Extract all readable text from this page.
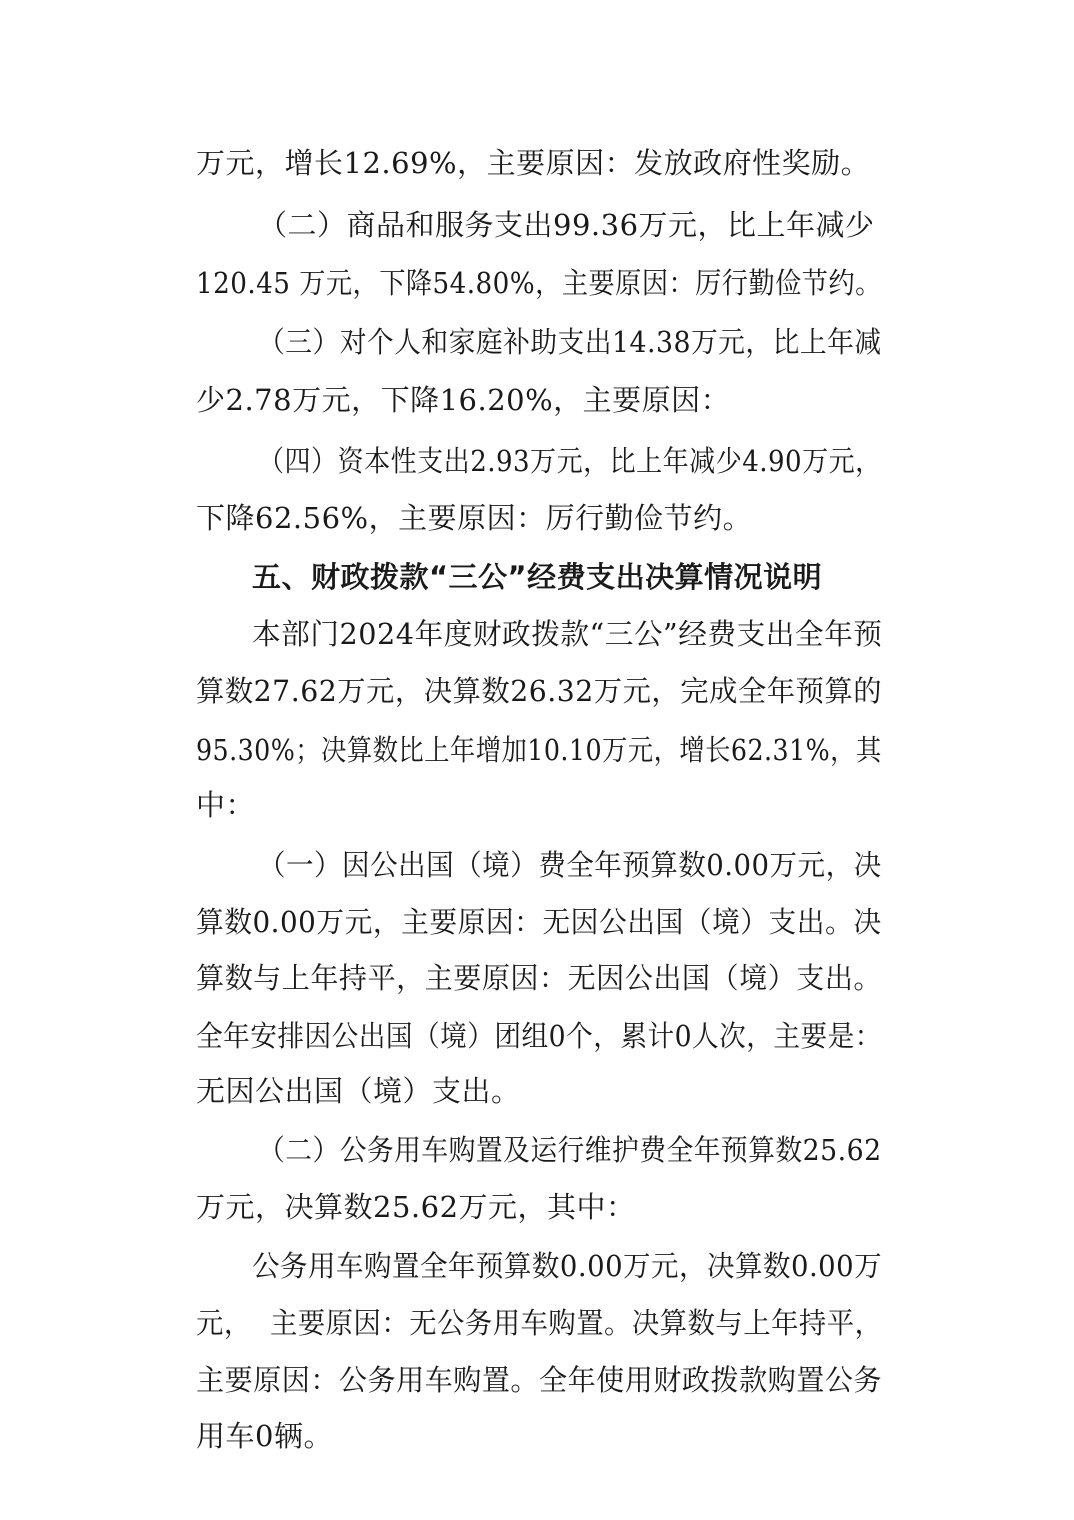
万元，增长12.69%，主要原因：发放政府性奖励。
（二）商品和服务支出99.36万元，比上年减少
120.45 万元，下降54.80%，主要原因：厉行勤俭节约。
（三）对个人和家庭补助支出14.38万元，比上年减
少2.78万元，下降16.20%，主要原因：
（四）资本性支出2.93万元，比上年减少4.90万元，
下降62.56%，主要原因：厉行勤俭节约。
五、财政拨款“三公”经费支出决算情况说明
本部门2024年度财政拨款“三公”经费支出全年预
算数27.62万元，决算数26.32万元，完成全年预算的
95.30%；决算数比上年增加10.10万元，增长62.31%，其
中：
（一）因公出国（境）费全年预算数0.00万元，决
算数0.00万元，主要原因：无因公出国（境）支出。决
算数与上年持平，主要原因：无因公出国（境）支出。
全年安排因公出国（境）团组0个，累计0人次，主要是：
无因公出国（境）支出。
（二）公务用车购置及运行维护费全年预算数25.62
万元，决算数25.62万元，其中：
公务用车购置全年预算数0.00万元，决算数0.00万
元，  主要原因：无公务用车购置。决算数与上年持平，
主要原因：公务用车购置。全年使用财政拨款购置公务
用车0辆。
